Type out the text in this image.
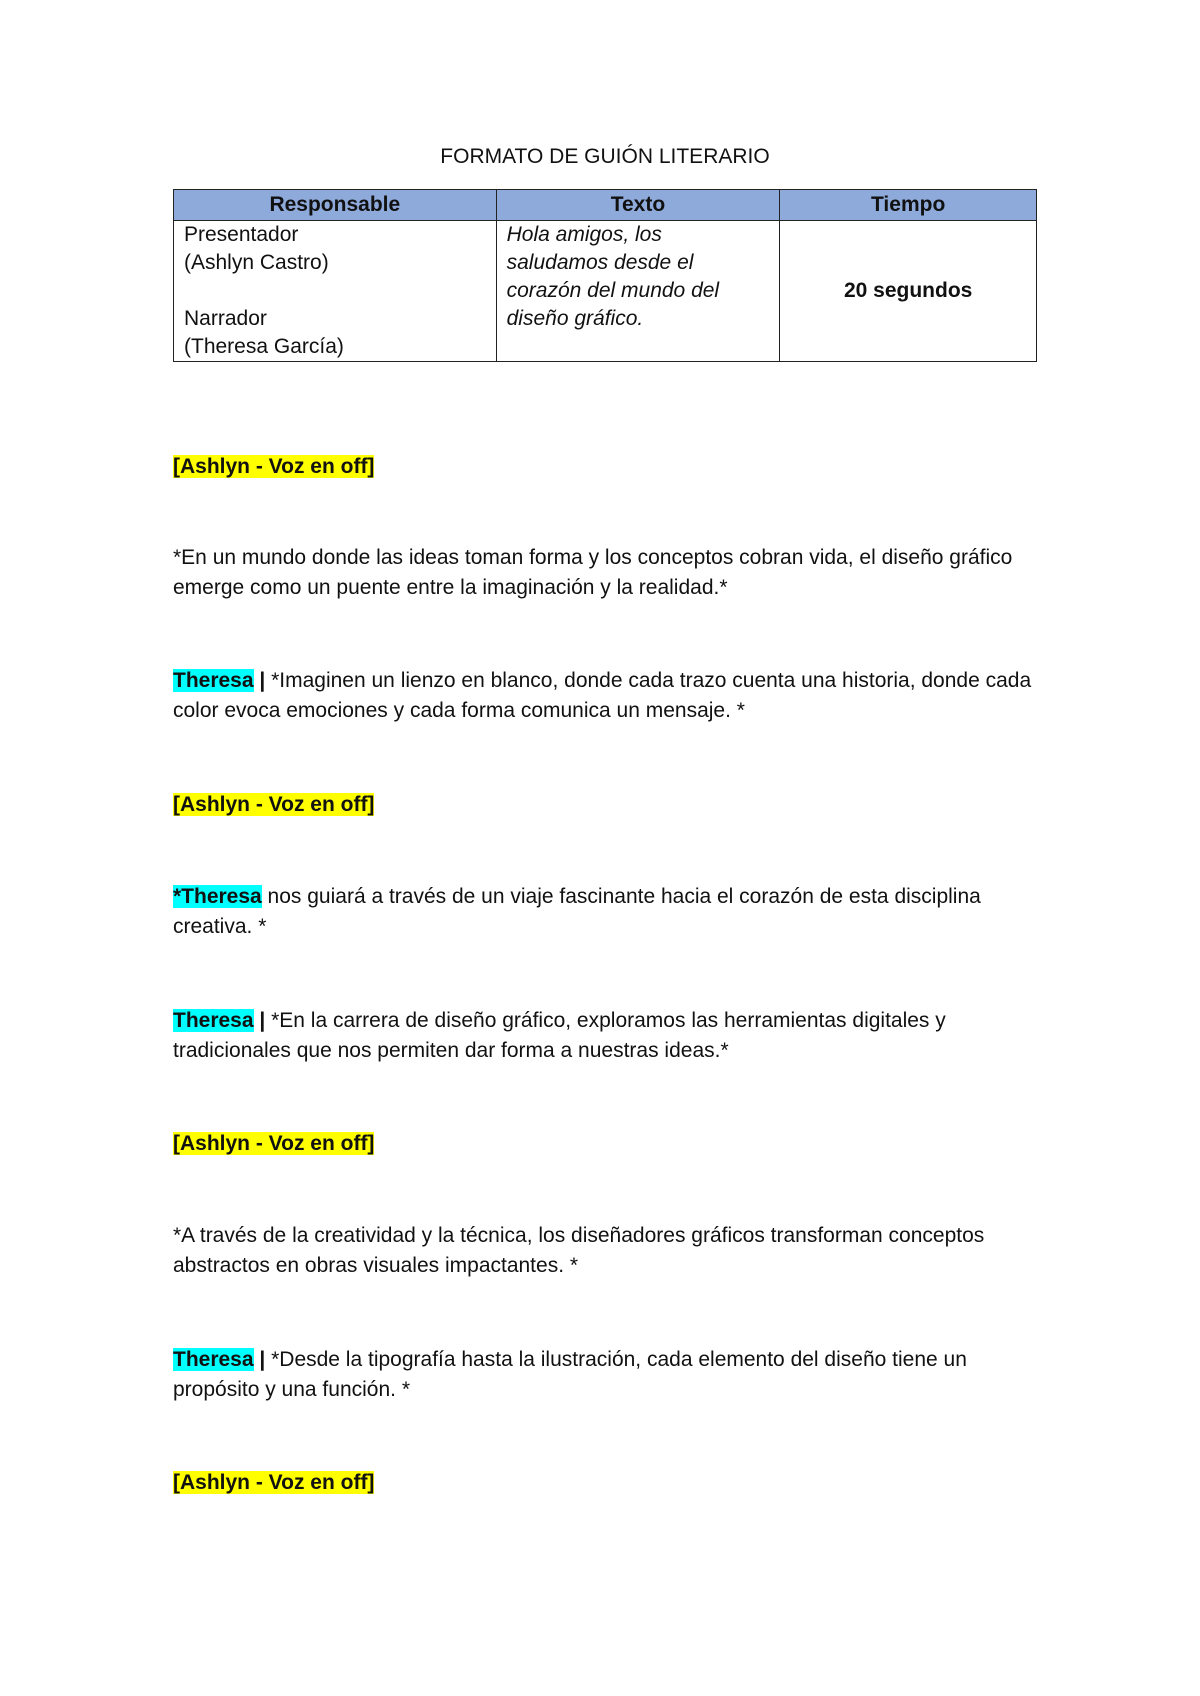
FORMATO DE GUIÓN LITERARIO
Responsable	Texto	Tiempo

Presentador
(Ashlyn Castro)
Narrador
(Theresa García)	Hola amigos, los
saludamos desde el
corazón del mundo del
diseño gráfico.	20 segundos
[Ashlyn - Voz en off]
*En un mundo donde las ideas toman forma y los conceptos cobran vida, el diseño gráfico emerge como un puente entre la imaginación y la realidad.*
Theresa | *Imaginen un lienzo en blanco, donde cada trazo cuenta una historia, donde cada color evoca emociones y cada forma comunica un mensaje. *
[Ashlyn - Voz en off]
*Theresa nos guiará a través de un viaje fascinante hacia el corazón de esta disciplina creativa. *
Theresa | *En la carrera de diseño gráfico, exploramos las herramientas digitales y tradicionales que nos permiten dar forma a nuestras ideas.*
[Ashlyn - Voz en off]
*A través de la creatividad y la técnica, los diseñadores gráficos transforman conceptos abstractos en obras visuales impactantes. *
Theresa | *Desde la tipografía hasta la ilustración, cada elemento del diseño tiene un propósito y una función. *
[Ashlyn - Voz en off]
